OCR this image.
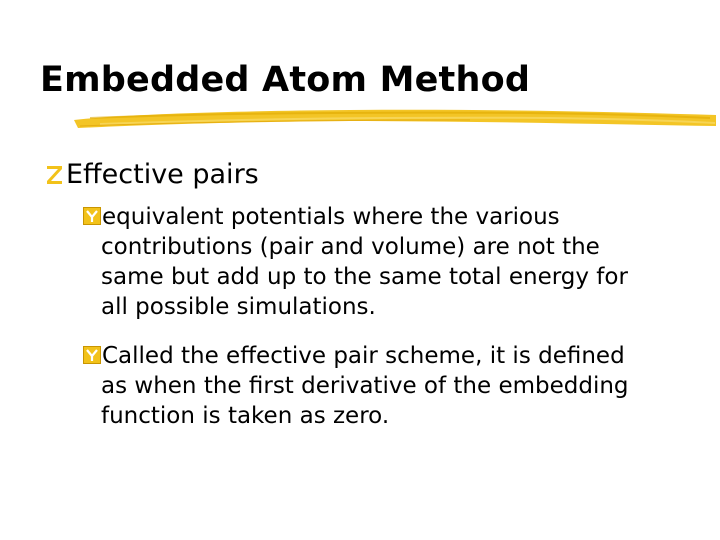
Embedded Atom Method
Effective pairs
equivalent potentials where the various
contributions (pair and volume) are not the
same but add up to the same total energy for
all possible simulations.
Called the effective pair scheme, it is defined
as when the first derivative of the embedding
function is taken as zero.
